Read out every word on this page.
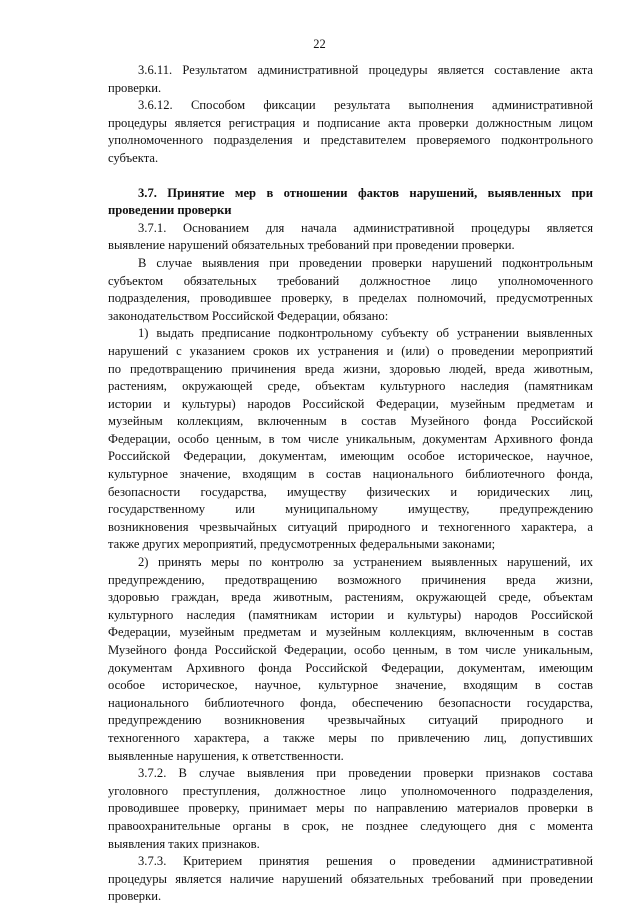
22
3.6.11. Результатом административной процедуры является составление акта
проверки.
3.6.12. Способом фиксации результата выполнения административной
процедуры является регистрация и подписание акта проверки должностным лицом
уполномоченного подразделения и представителем проверяемого подконтрольного
субъекта.
3.7. Принятие мер в отношении фактов нарушений, выявленных при
проведении проверки
3.7.1. Основанием для начала административной процедуры является
выявление нарушений обязательных требований при проведении проверки.
В случае выявления при проведении проверки нарушений подконтрольным
субъектом обязательных требований должностное лицо уполномоченного
подразделения, проводившее проверку, в пределах полномочий, предусмотренных
законодательством Российской Федерации, обязано:
1) выдать предписание подконтрольному субъекту об устранении выявленных
нарушений с указанием сроков их устранения и (или) о проведении мероприятий
по предотвращению причинения вреда жизни, здоровью людей, вреда животным,
растениям, окружающей среде, объектам культурного наследия (памятникам
истории и культуры) народов Российской Федерации, музейным предметам и
музейным коллекциям, включенным в состав Музейного фонда Российской
Федерации, особо ценным, в том числе уникальным, документам Архивного фонда
Российской Федерации, документам, имеющим особое историческое, научное,
культурное значение, входящим в состав национального библиотечного фонда,
безопасности государства, имуществу физических и юридических лиц,
государственному или муниципальному имуществу, предупреждению
возникновения чрезвычайных ситуаций природного и техногенного характера, а
также других мероприятий, предусмотренных федеральными законами;
2) принять меры по контролю за устранением выявленных нарушений, их
предупреждению, предотвращению возможного причинения вреда жизни,
здоровью граждан, вреда животным, растениям, окружающей среде, объектам
культурного наследия (памятникам истории и культуры) народов Российской
Федерации, музейным предметам и музейным коллекциям, включенным в состав
Музейного фонда Российской Федерации, особо ценным, в том числе уникальным,
документам Архивного фонда Российской Федерации, документам, имеющим
особое историческое, научное, культурное значение, входящим в состав
национального библиотечного фонда, обеспечению безопасности государства,
предупреждению возникновения чрезвычайных ситуаций природного и
техногенного характера, а также меры по привлечению лиц, допустивших
выявленные нарушения, к ответственности.
3.7.2. В случае выявления при проведении проверки признаков состава
уголовного преступления, должностное лицо уполномоченного подразделения,
проводившее проверку, принимает меры по направлению материалов проверки в
правоохранительные органы в срок, не позднее следующего дня с момента
выявления таких признаков.
3.7.3. Критерием принятия решения о проведении административной
процедуры является наличие нарушений обязательных требований при проведении
проверки.
